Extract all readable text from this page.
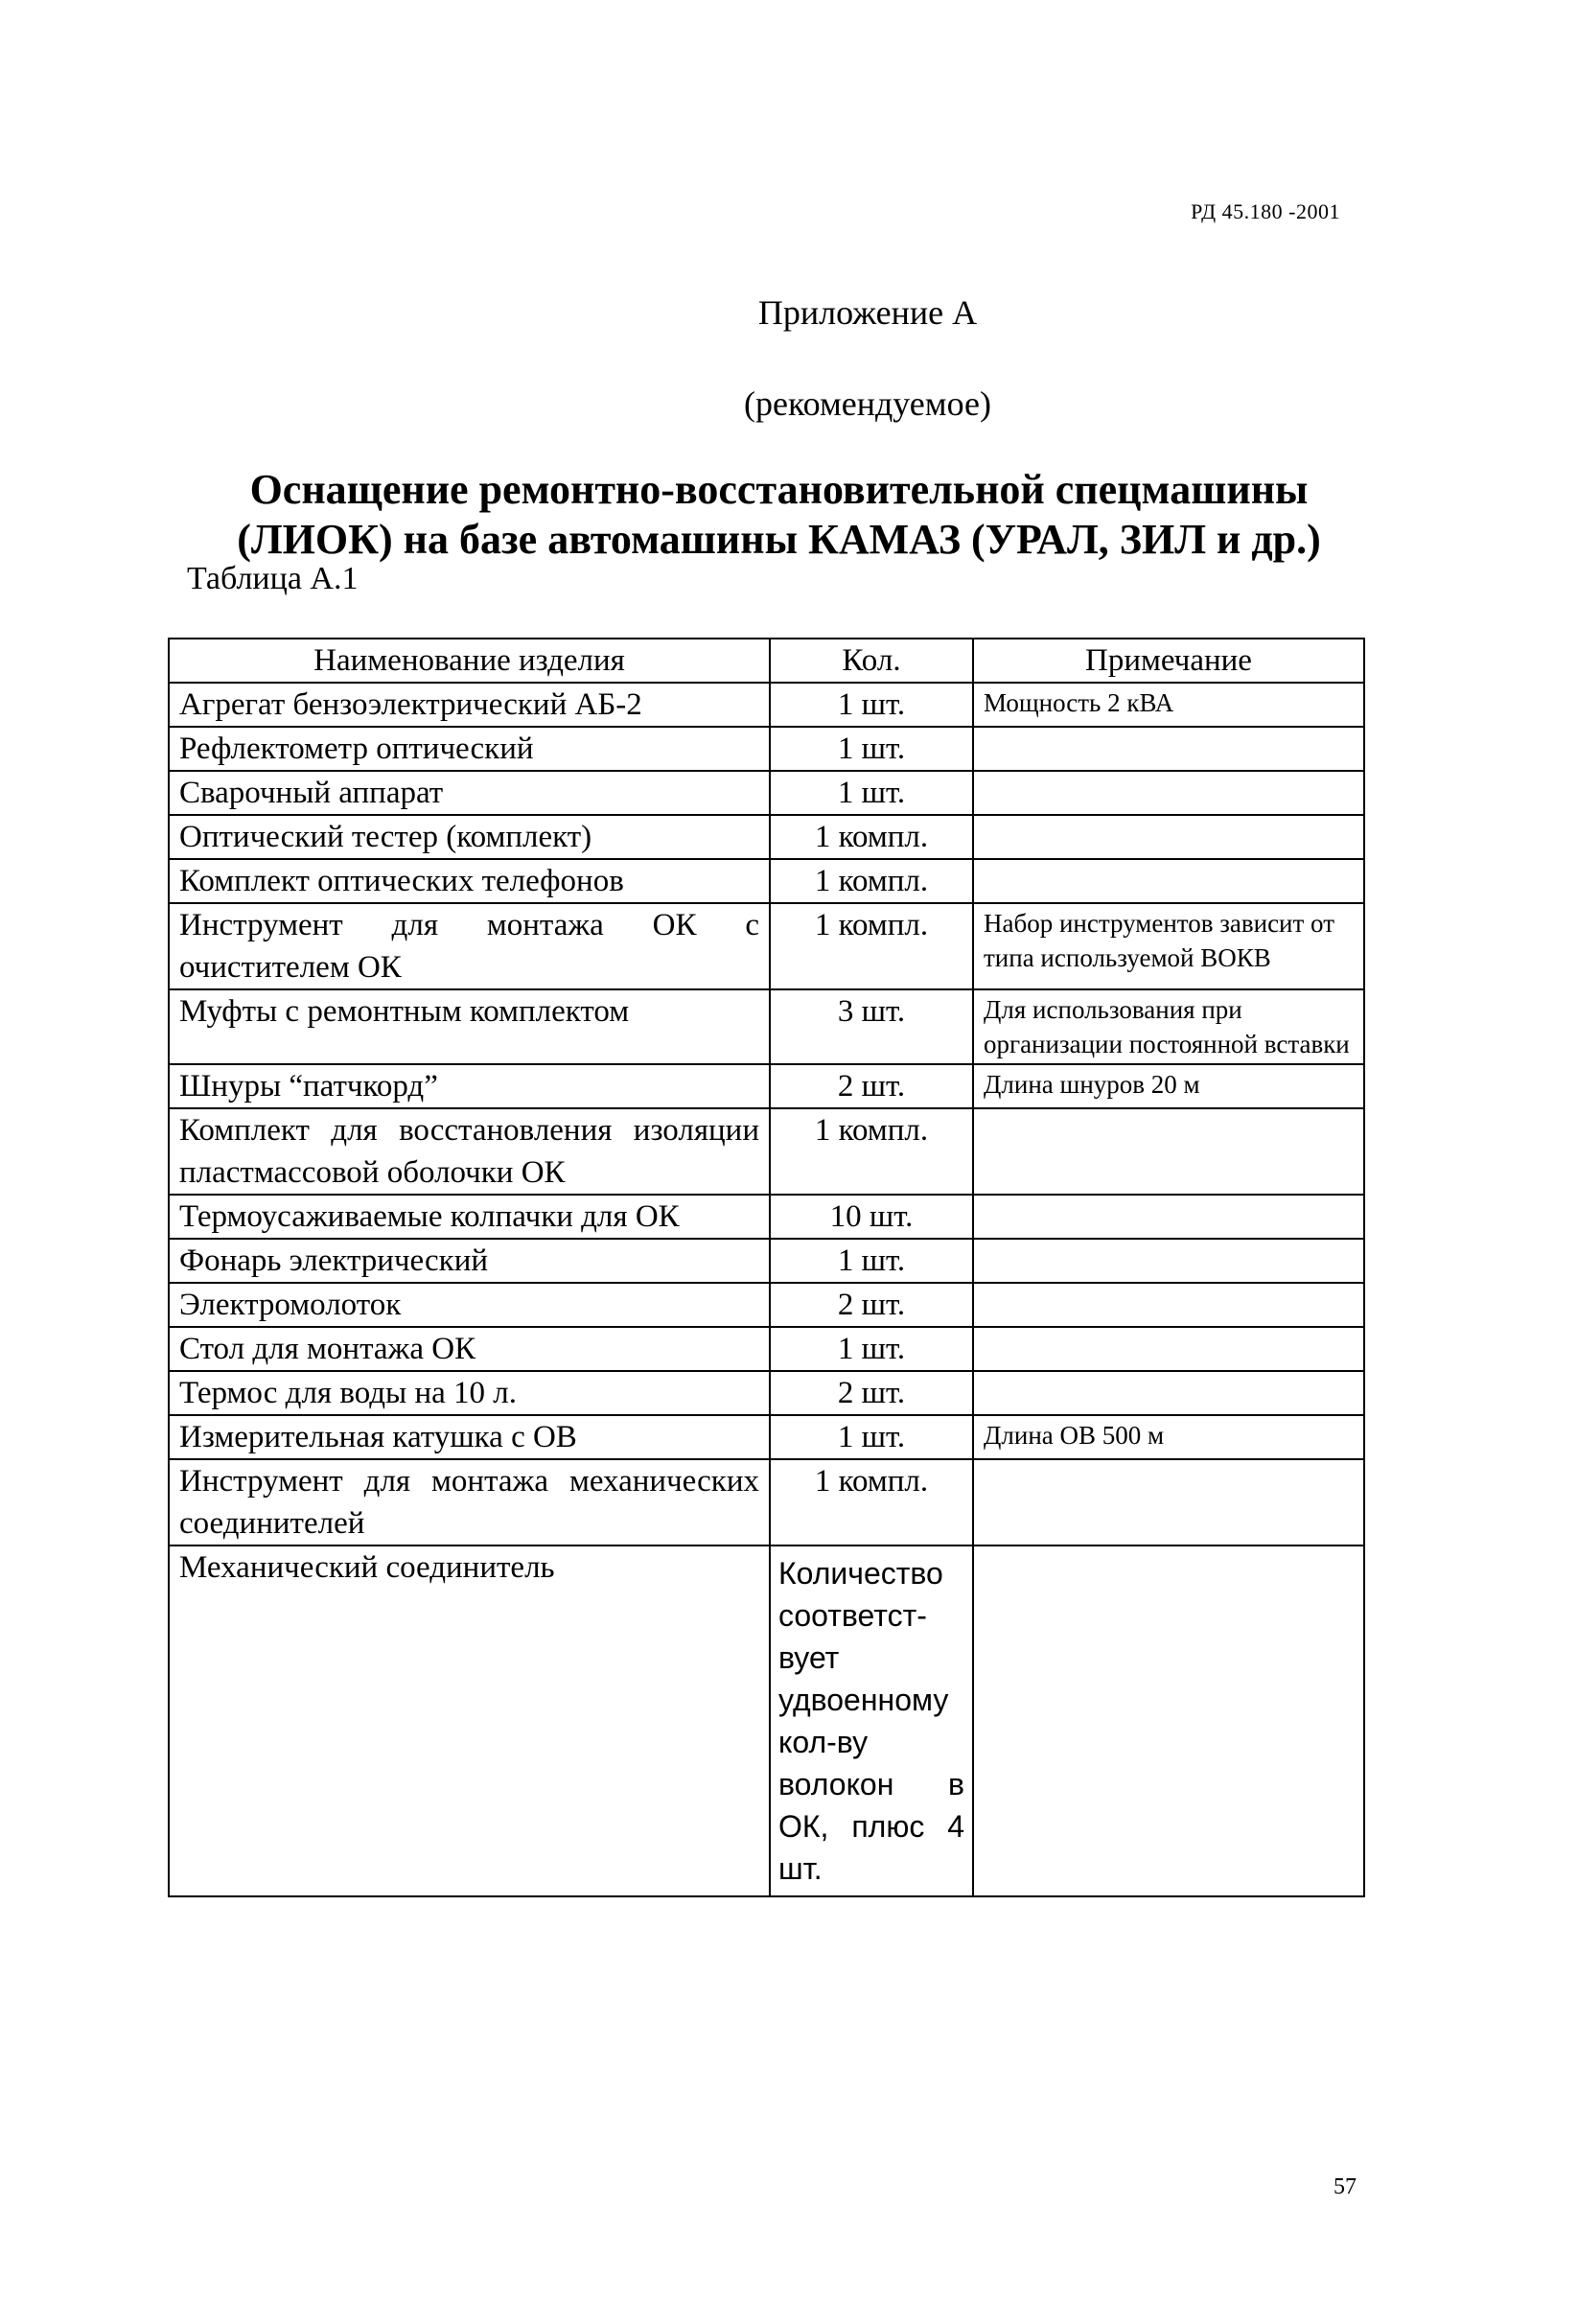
РД 45.180 -2001
Приложение А
(рекомендуемое)
Оснащение ремонтно-восстановительной спецмашины (ЛИОК) на базе автомашины КАМАЗ (УРАЛ, ЗИЛ и др.)
Таблица А.1
Наименование изделия	Кол.	Примечание
Агрегат бензоэлектрический АБ-2	1 шт.	Мощность 2 кВА
Рефлектометр оптический	1 шт.	
Сварочный аппарат	1 шт.	
Оптический тестер (комплект)	1 компл.	
Комплект оптических телефонов	1 компл.	
Инструмент для монтажа ОК с очистителем ОК	1 компл.	Набор инструментов зависит от типа используемой ВОКВ
Муфты с ремонтным комплектом	3 шт.	Для использования при организации постоянной вставки
Шнуры “патчкорд”	2 шт.	Длина шнуров 20 м
Комплект для восстановления изоляции пластмассовой оболочки ОК	1 компл.	
Термоусаживаемые колпачки для ОК	10 шт.	
Фонарь электрический	1 шт.	
Электромолоток	2 шт.	
Стол для монтажа ОК	1 шт.	
Термос для воды на 10 л.	2 шт.	
Измерительная катушка с ОВ	1 шт.	Длина ОВ 500 м
Инструмент для монтажа механических соединителей	1 компл.	
Механический соединитель	Количество соответст-вует удвоенному кол-ву волокон в ОК, плюс 4 шт.	
57
